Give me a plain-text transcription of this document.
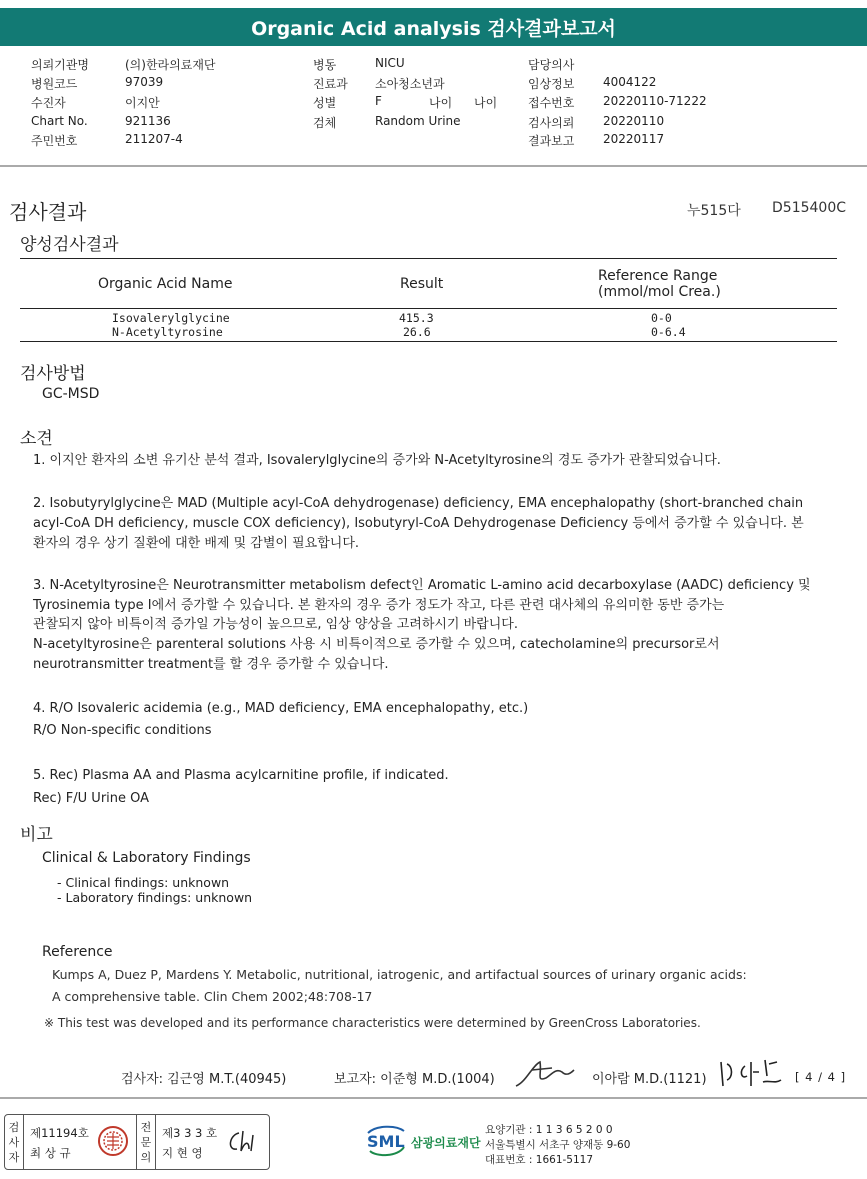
Organic Acid analysis 검사결과보고서
의뢰기관명	(의)한라의료재단
병원코드	97039
수진자	이지안
Chart No.	921136
주민번호	211207-4
병동	NICU
진료과 소아청소년과
성별	F	나이 나이
검체	Random Urine
담당의사
임상정보 4004122
접수번호 20220110-71222
검사의뢰 20220110
결과보고 20220117
검사결과	누515다 D515400C
양성검사결과
Organic Acid Name	Result	Reference Range
(mmol/mol Crea.)
Isovalerylglycine	415.3	0-0
N-Acetyltyrosine	26.6	0-6.4
검사방법
GC-MSD
소견
1. 이지안 환자의 소변 유기산 분석 결과, Isovalerylglycine의 증가와 N-Acetyltyrosine의 경도 증가가 관찰되었습니다.
2. Isobutyrylglycine은 MAD (Multiple acyl-CoA dehydrogenase) deficiency, EMA encephalopathy (short-branched chain
acyl-CoA DH deficiency, muscle COX deficiency), Isobutyryl-CoA Dehydrogenase Deficiency 등에서 증가할 수 있습니다. 본
환자의 경우 상기 질환에 대한 배제 및 감별이 필요합니다.
3. N-Acetyltyrosine은 Neurotransmitter metabolism defect인 Aromatic L-amino acid decarboxylase (AADC) deficiency 및
Tyrosinemia type Ⅰ에서 증가할 수 있습니다. 본 환자의 경우 증가 정도가 작고, 다른 관련 대사체의 유의미한 동반 증가는
관찰되지 않아 비특이적 증가일 가능성이 높으므로, 임상 양상을 고려하시기 바랍니다.
N-acetyltyrosine은 parenteral solutions 사용 시 비특이적으로 증가할 수 있으며, catecholamine의 precursor로서
neurotransmitter treatment를 할 경우 증가할 수 있습니다.
4. R/O Isovaleric acidemia (e.g., MAD deficiency, EMA encephalopathy, etc.)
R/O Non-specific conditions
5. Rec) Plasma AA and Plasma acylcarnitine profile, if indicated.
Rec) F/U Urine OA
비고
Clinical & Laboratory Findings
- Clinical findings: unknown
- Laboratory findings: unknown
Reference
Kumps A, Duez P, Mardens Y. Metabolic, nutritional, iatrogenic, and artifactual sources of urinary organic acids:
A comprehensive table. Clin Chem 2002;48:708-17
※ This test was developed and its performance characteristics were determined by GreenCross Laboratories.
검사자: 김근영 M.T.(40945)	보고자: 이준형 M.D.(1004)	이아람 M.D.(1121)	[ 4 / 4 ]
검
사
자
제11194호
최 상 규
전
문
의
제3 3 3 호
지 현 영
SML 삼광의료재단
요양기관 : 1 1 3 6 5 2 0 0
서울특별시 서초구 양재동 9-60
대표번호 : 1661-5117
